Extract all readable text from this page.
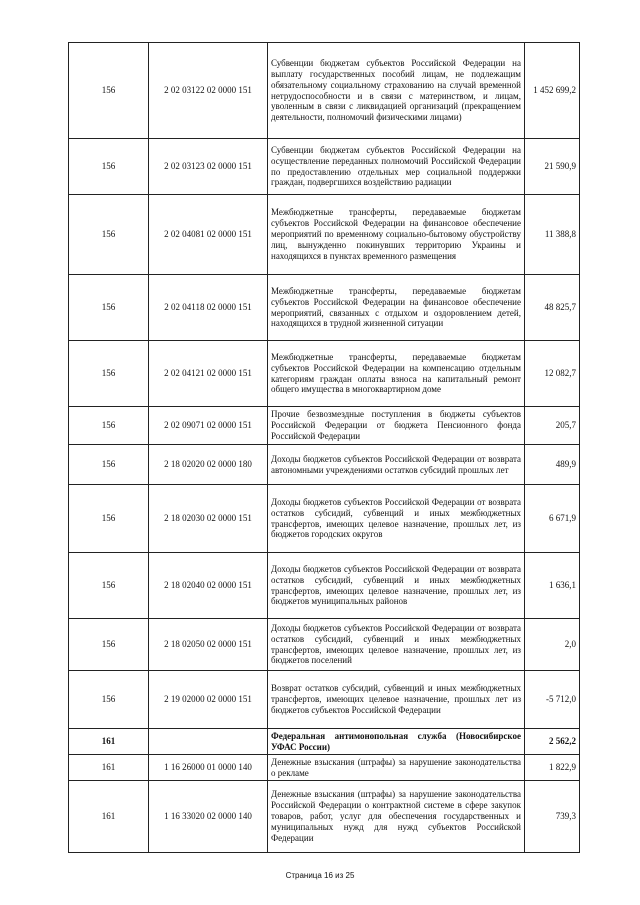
156	2 02 03122 02 0000 151	Субвенции бюджетам субъектов Российской Федерации на выплату государственных пособий лицам, не подлежащим обязательному социальному страхованию на случай временной нетрудоспособности и в связи с материнством, и лицам, уволенным в связи с ликвидацией организаций (прекращением деятельности, полномочий физическими лицами)	1 452 699,2
156	2 02 03123 02 0000 151	Субвенции бюджетам субъектов Российской Федерации на осуществление переданных полномочий Российской Федерации по предоставлению отдельных мер социальной поддержки граждан, подвергшихся воздействию радиации	21 590,9
156	2 02 04081 02 0000 151	Межбюджетные трансферты, передаваемые бюджетам субъектов Российской Федерации на финансовое обеспечение мероприятий по временному социально-бытовому обустройству лиц, вынужденно покинувших территорию Украины и находящихся в пунктах временного размещения	11 388,8
156	2 02 04118 02 0000 151	Межбюджетные трансферты, передаваемые бюджетам субъектов Российской Федерации на финансовое обеспечение мероприятий, связанных с отдыхом и оздоровлением детей, находящихся в трудной жизненной ситуации	48 825,7
156	2 02 04121 02 0000 151	Межбюджетные трансферты, передаваемые бюджетам субъектов Российской Федерации на компенсацию отдельным категориям граждан оплаты взноса на капитальный ремонт общего имущества в многоквартирном доме	12 082,7
156	2 02 09071 02 0000 151	Прочие безвозмездные поступления в бюджеты субъектов Российской Федерации от бюджета Пенсионного фонда Российской Федерации	205,7
156	2 18 02020 02 0000 180	Доходы бюджетов субъектов Российской Федерации от возврата автономными учреждениями остатков субсидий прошлых лет	489,9
156	2 18 02030 02 0000 151	Доходы бюджетов субъектов Российской Федерации от возврата остатков субсидий, субвенций и иных межбюджетных трансфертов, имеющих целевое назначение, прошлых лет, из бюджетов городских округов	6 671,9
156	2 18 02040 02 0000 151	Доходы бюджетов субъектов Российской Федерации от возврата остатков субсидий, субвенций и иных межбюджетных трансфертов, имеющих целевое назначение, прошлых лет, из бюджетов муниципальных районов	1 636,1
156	2 18 02050 02 0000 151	Доходы бюджетов субъектов Российской Федерации от возврата остатков субсидий, субвенций и иных межбюджетных трансфертов, имеющих целевое назначение, прошлых лет, из бюджетов поселений	2,0
156	2 19 02000 02 0000 151	Возврат остатков субсидий, субвенций и иных межбюджетных трансфертов, имеющих целевое назначение, прошлых лет из бюджетов субъектов Российской Федерации	-5 712,0
161		Федеральная антимонопольная служба (Новосибирское УФАС России)	2 562,2
161	1 16 26000 01 0000 140	Денежные взыскания (штрафы) за нарушение законодательства о рекламе	1 822,9
161	1 16 33020 02 0000 140	Денежные взыскания (штрафы) за нарушение законодательства Российской Федерации о контрактной системе в сфере закупок товаров, работ, услуг для обеспечения государственных и муниципальных нужд для нужд субъектов Российской Федерации	739,3
Страница 16 из 25
